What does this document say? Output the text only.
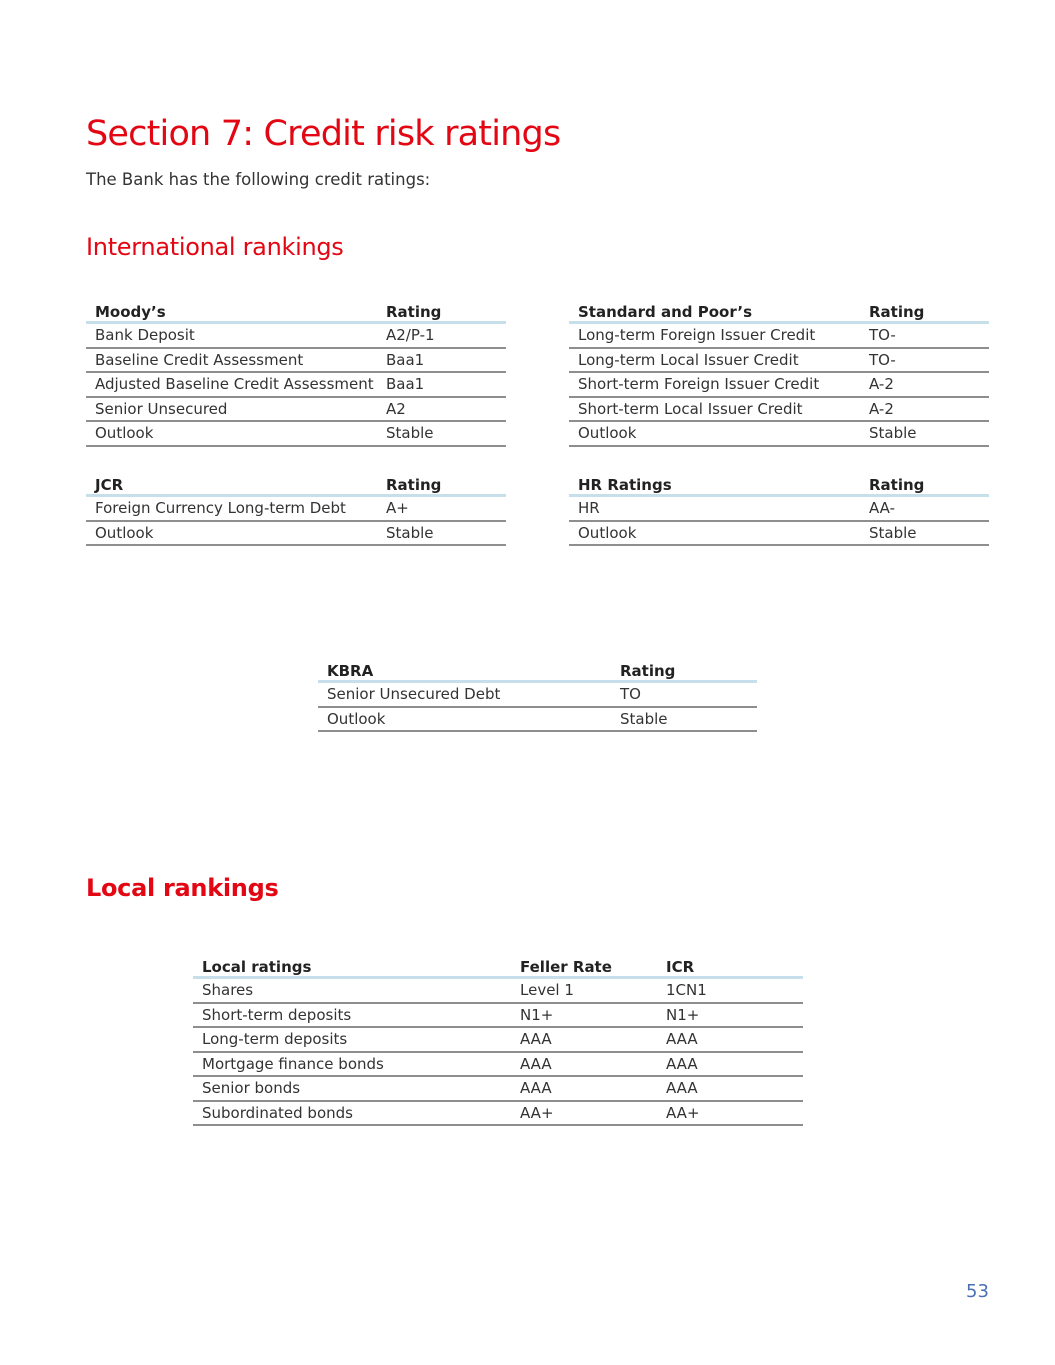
Section 7: Credit risk ratings

The Bank has the following credit ratings:

International rankings
Moody’s	Rating
Bank Deposit	A2/P-1
Baseline Credit Assessment	Baa1
Adjusted Baseline Credit Assessment	Baa1
Senior Unsecured	A2
Outlook	Stable
Standard and Poor’s	Rating
Long-term Foreign Issuer Credit	TO-
Long-term Local Issuer Credit	TO-
Short-term Foreign Issuer Credit	A-2
Short-term Local Issuer Credit	A-2
Outlook	Stable
JCR	Rating
Foreign Currency Long-term Debt	A+
Outlook	Stable
HR Ratings	Rating
HR	AA-
Outlook	Stable
KBRA	Rating
Senior Unsecured Debt	TO
Outlook	Stable
Local rankings
Local ratings	Feller Rate	ICR
Shares	Level 1	1CN1
Short-term deposits	N1+	N1+
Long-term deposits	AAA	AAA
Mortgage finance bonds	AAA	AAA
Senior bonds	AAA	AAA
Subordinated bonds	AA+	AA+
53
